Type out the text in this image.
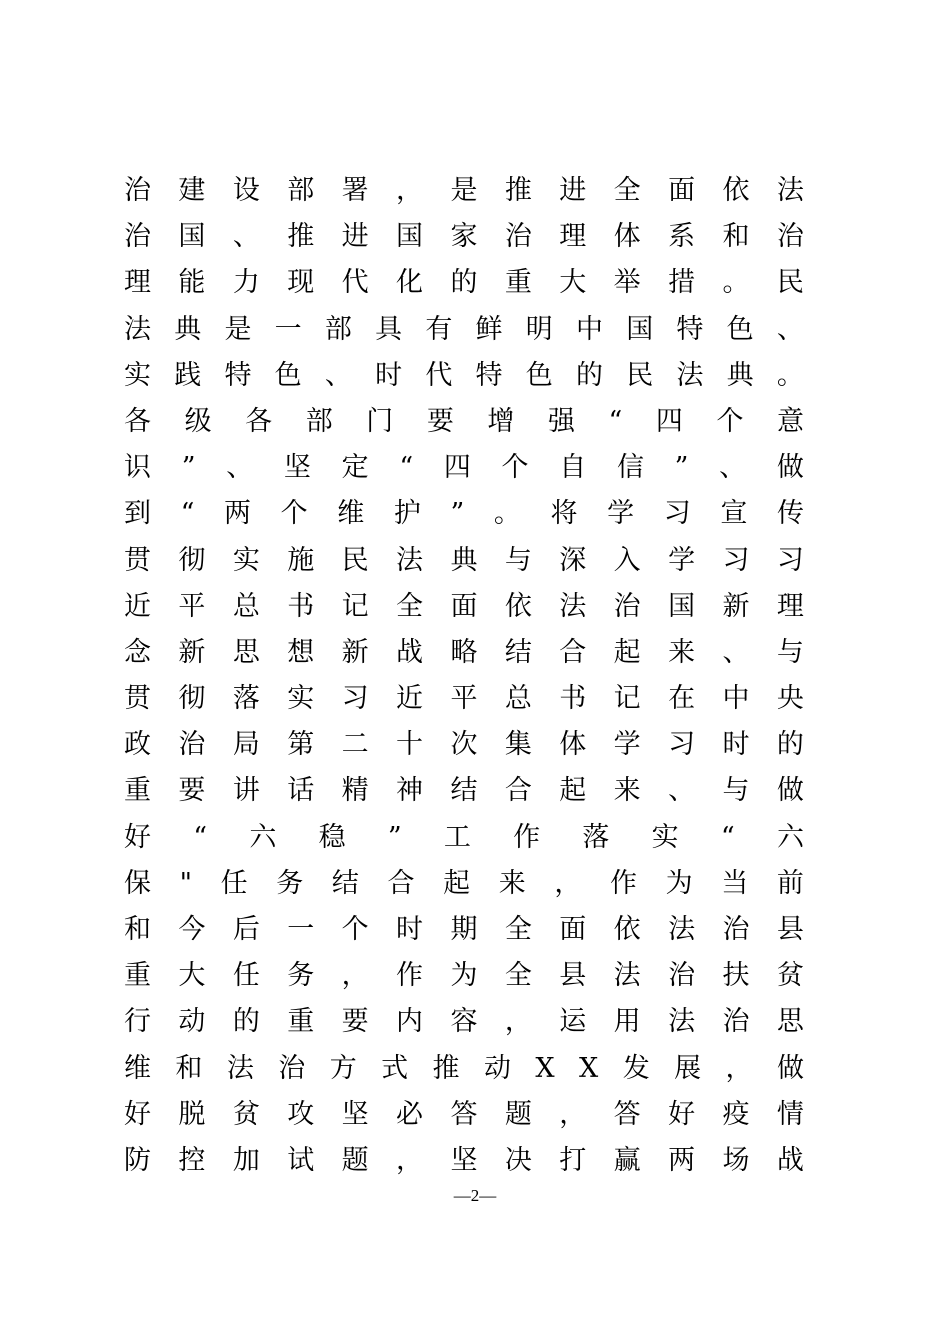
治 建 设 部 署 ， 是 推 进 全 面 依 法
治 国 、 推 进 国 家 治 理 体 系 和 治
理 能 力 现 代 化 的 重 大 举 措 。 民
法 典 是 一 部 具 有 鲜 明 中 国 特 色 、
实 践 特 色 、 时 代 特 色 的 民 法 典 。
各 级 各 部 门 要 增 强 “ 四 个 意
识 ” 、 坚 定 “ 四 个 自 信 ” 、 做
到 “ 两 个 维 护 ” 。 将 学 习 宣 传
贯 彻 实 施 民 法 典 与 深 入 学 习 习
近 平 总 书 记 全 面 依 法 治 国 新 理
念 新 思 想 新 战 略 结 合 起 来 、 与
贯 彻 落 实 习 近 平 总 书 记 在 中 央
政 治 局 第 二 十 次 集 体 学 习 时 的
重 要 讲 话 精 神 结 合 起 来 、 与 做
好 “ 六 稳 ” 工 作 落 实 “ 六
保 " 任 务 结 合 起 来 ， 作 为 当 前
和 今 后 一 个 时 期 全 面 依 法 治 县
重 大 任 务 ， 作 为 全 县 法 治 扶 贫
行 动 的 重 要 内 容 ， 运 用 法 治 思
维 和 法 治 方 式 推 动 X X 发 展 ， 做
好 脱 贫 攻 坚 必 答 题 ， 答 好 疫 情
防 控 加 试 题 ， 坚 决 打 赢 两 场 战
—2—
